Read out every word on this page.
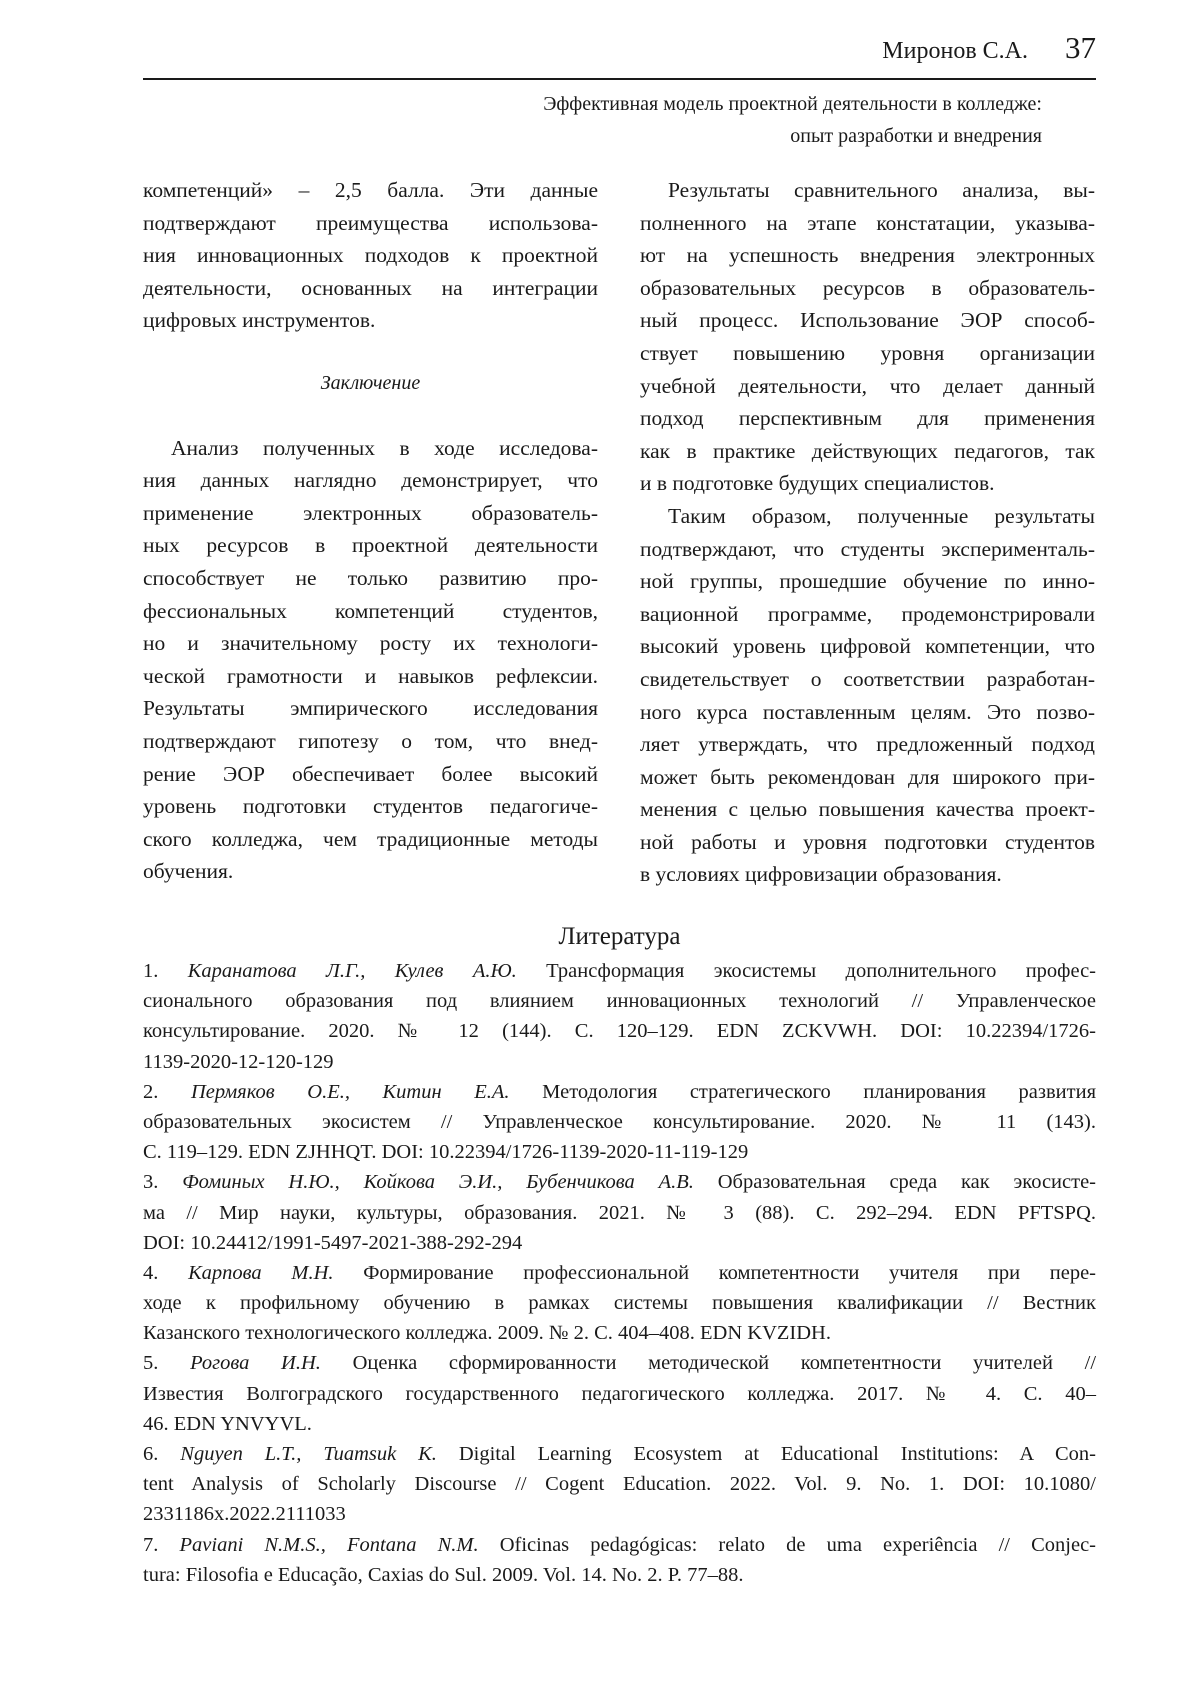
Миронов С.А. 37
Эффективная модель проектной деятельности в колледже:
опыт разработки и внедрения
компетенций» – 2,5 балла. Эти данные
подтверждают преимущества использова-
ния инновационных подходов к проектной
деятельности, основанных на интеграции
цифровых инструментов.
Заключение
Анализ полученных в ходе исследова-
ния данных наглядно демонстрирует, что
применение электронных образователь-
ных ресурсов в проектной деятельности
способствует не только развитию про-
фессиональных компетенций студентов,
но и значительному росту их технологи-
ческой грамотности и навыков рефлексии.
Результаты эмпирического исследования
подтверждают гипотезу о том, что внед-
рение ЭОР обеспечивает более высокий
уровень подготовки студентов педагогиче-
ского колледжа, чем традиционные методы
обучения.
Результаты сравнительного анализа, вы-
полненного на этапе констатации, указыва-
ют на успешность внедрения электронных
образовательных ресурсов в образователь-
ный процесс. Использование ЭОР способ-
ствует повышению уровня организации
учебной деятельности, что делает данный
подход перспективным для применения
как в практике действующих педагогов, так
и в подготовке будущих специалистов.
Таким образом, полученные результаты
подтверждают, что студенты эксперименталь-
ной группы, прошедшие обучение по инно-
вационной программе, продемонстрировали
высокий уровень цифровой компетенции, что
свидетельствует о соответствии разработан-
ного курса поставленным целям. Это позво-
ляет утверждать, что предложенный подход
может быть рекомендован для широкого при-
менения с целью повышения качества проект-
ной работы и уровня подготовки студентов
в условиях цифровизации образования.
Литература
1. Каранатова Л.Г., Кулев А.Ю. Трансформация экосистемы дополнительного профес-
сионального образования под влиянием инновационных технологий // Управленческое
консультирование. 2020. № 12 (144). С. 120–129. EDN ZCKVWH. DOI: 10.22394/1726-
1139-2020-12-120-129
2. Пермяков О.Е., Китин Е.А. Методология стратегического планирования развития
образовательных экосистем // Управленческое консультирование. 2020. № 11 (143).
С. 119–129. EDN ZJHHQT. DOI: 10.22394/1726-1139-2020-11-119-129
3. Фоминых Н.Ю., Койкова Э.И., Бубенчикова А.В. Образовательная среда как экосисте-
ма // Мир науки, культуры, образования. 2021. № 3 (88). С. 292–294. EDN PFTSPQ.
DOI: 10.24412/1991-5497-2021-388-292-294
4. Карпова М.Н. Формирование профессиональной компетентности учителя при пере-
ходе к профильному обучению в рамках системы повышения квалификации // Вестник
Казанского технологического колледжа. 2009. № 2. С. 404–408. EDN KVZIDH.
5. Рогова И.Н. Оценка сформированности методической компетентности учителей //
Известия Волгоградского государственного педагогического колледжа. 2017. № 4. С. 40–
46. EDN YNVYVL.
6. Nguyen L.T., Tuamsuk K. Digital Learning Ecosystem at Educational Institutions: A Con-
tent Analysis of Scholarly Discourse // Cogent Education. 2022. Vol. 9. No. 1. DOI: 10.1080/
2331186x.2022.2111033
7. Paviani N.M.S., Fontana N.M. Oficinas pedagógicas: relato de uma experiência // Conjec-
tura: Filosofia e Educação, Caxias do Sul. 2009. Vol. 14. No. 2. P. 77–88.
